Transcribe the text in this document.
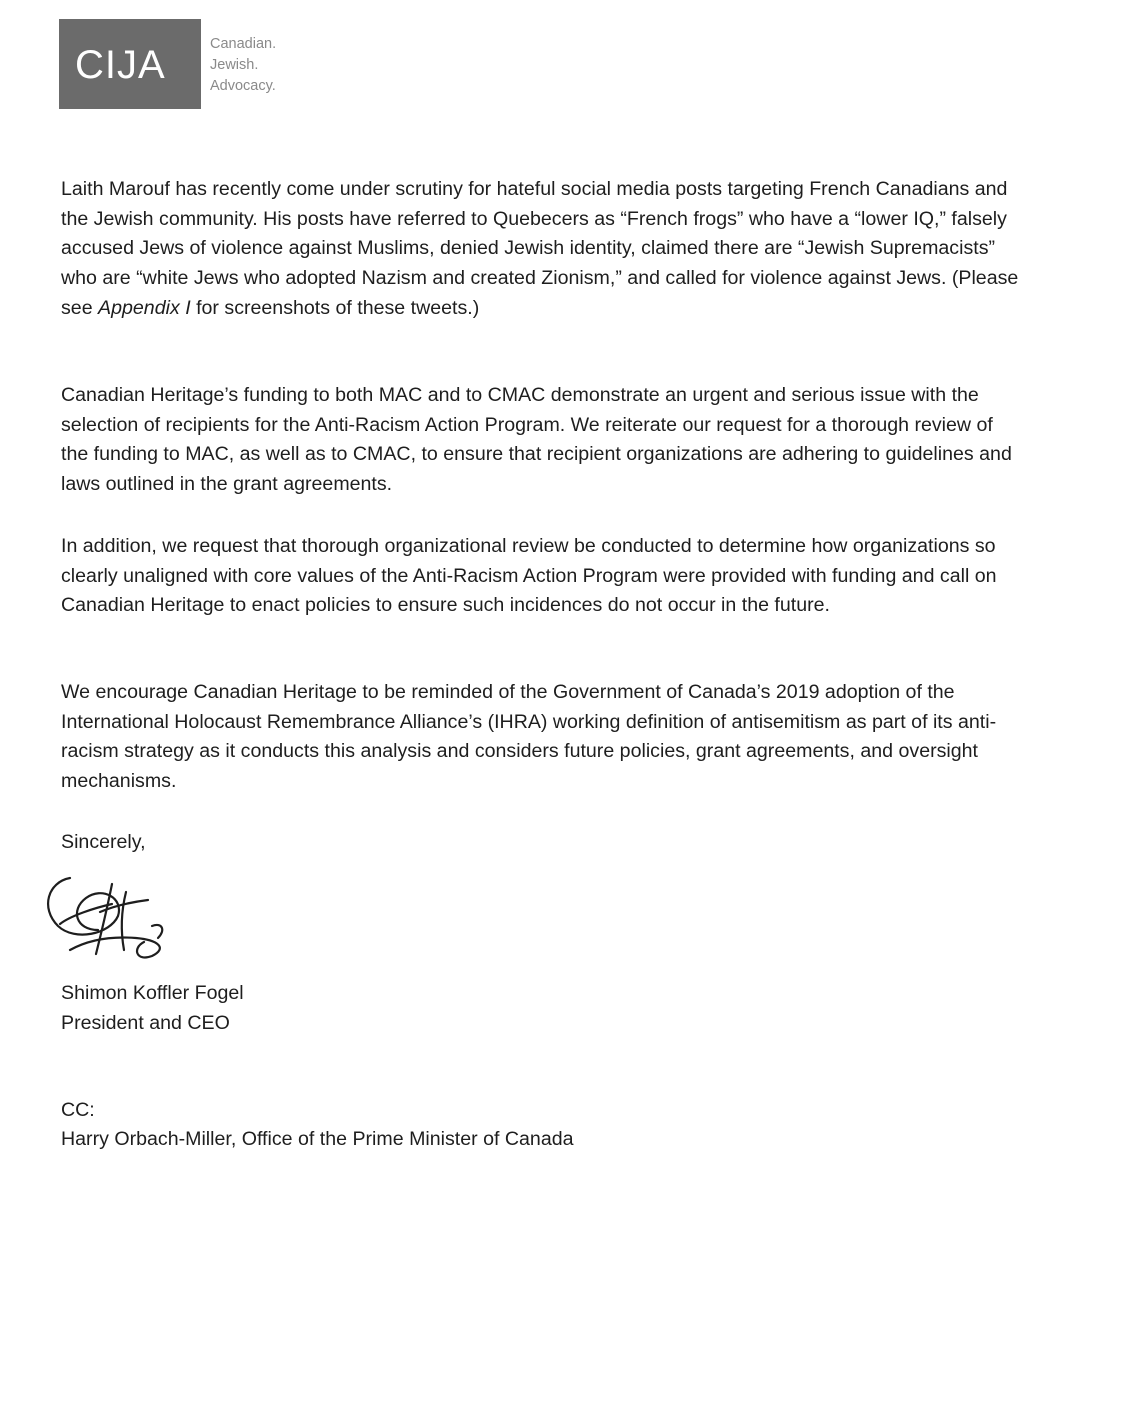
CIJA	Canadian.
Jewish.
Advocacy.

Laith Marouf has recently come under scrutiny for hateful social media posts targeting French Canadians and the Jewish community. His posts have referred to Quebecers as “French frogs” who have a “lower IQ,” falsely accused Jews of violence against Muslims, denied Jewish identity, claimed there are “Jewish Supremacists” who are “white Jews who adopted Nazism and created Zionism,” and called for violence against Jews. (Please see Appendix I for screenshots of these tweets.)

Canadian Heritage’s funding to both MAC and to CMAC demonstrate an urgent and serious issue with the selection of recipients for the Anti-Racism Action Program. We reiterate our request for a thorough review of the funding to MAC, as well as to CMAC, to ensure that recipient organizations are adhering to guidelines and laws outlined in the grant agreements.

In addition, we request that thorough organizational review be conducted to determine how organizations so clearly unaligned with core values of the Anti-Racism Action Program were provided with funding and call on Canadian Heritage to enact policies to ensure such incidences do not occur in the future.

We encourage Canadian Heritage to be reminded of the Government of Canada’s 2019 adoption of the International Holocaust Remembrance Alliance’s (IHRA) working definition of antisemitism as part of its anti-racism strategy as it conducts this analysis and considers future policies, grant agreements, and oversight mechanisms.

Sincerely,

Shimon Koffler Fogel

President and CEO

CC:

Harry Orbach-Miller, Office of the Prime Minister of Canada
